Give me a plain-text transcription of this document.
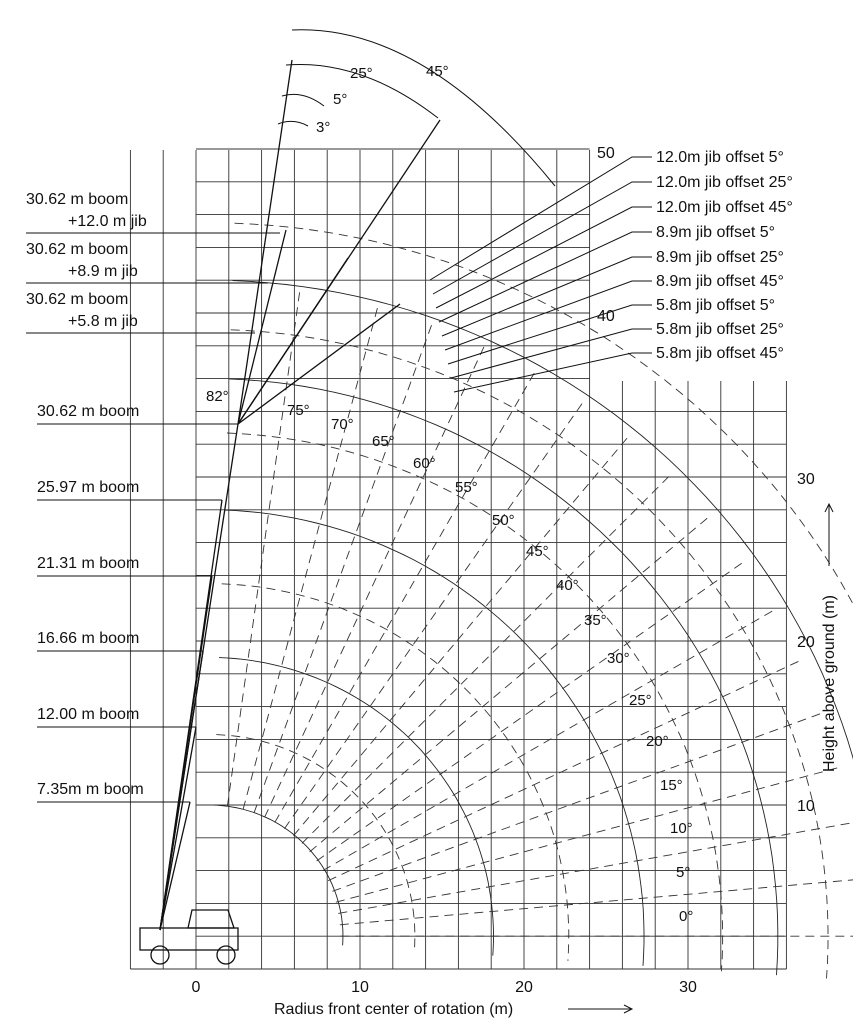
0	10	20	30
10
20
30
40
50
Radius front center of rotation (m)
Height above ground (m)
30.62 m boom
+12.0 m jib
30.62 m boom
+8.9 m jib
30.62 m boom
+5.8 m jib
30.62 m boom
25.97 m boom
21.31 m boom
16.66 m boom
12.00 m boom
7.35m m boom
12.0m jib offset 5°
12.0m jib offset 25°
12.0m jib offset 45°
8.9m jib offset 5°
8.9m jib offset 25°
8.9m jib offset 45°
5.8m jib offset 5°
5.8m jib offset 25°
5.8m jib offset 45°
25°	45°
5°
3°
82°
75°
70°
65°
60°
55°
50°
45°
40°
35°
30°
25°
20°
15°
10°
5°
0°
